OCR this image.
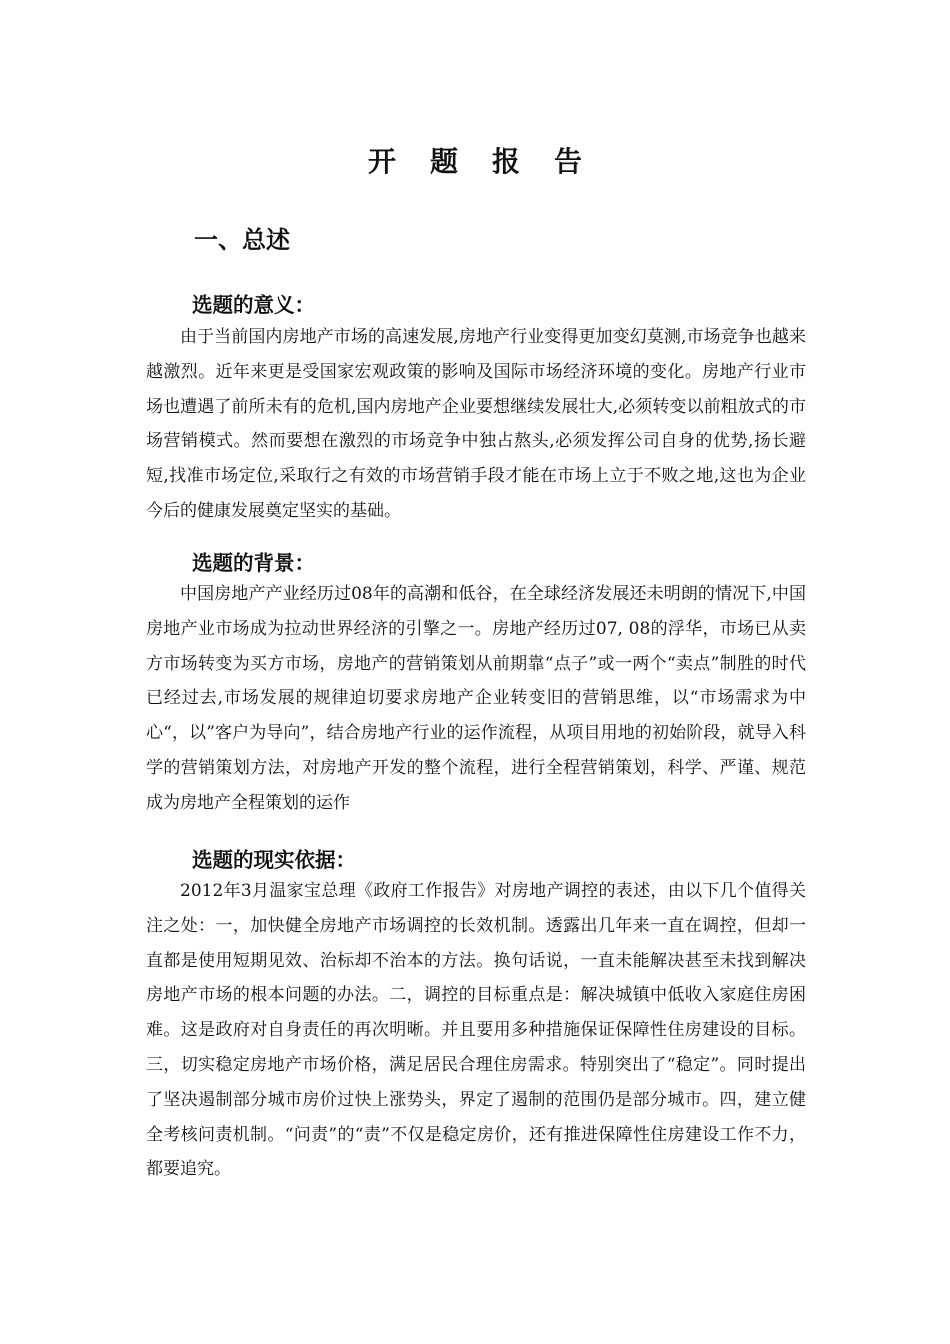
开 题 报 告
一、总述
选题的意义：

由于当前国内房地产市场的高速发展,房地产行业变得更加变幻莫测,市场竞争也越来越激烈。近年来更是受国家宏观政策的影响及国际市场经济环境的变化。房地产行业市场也遭遇了前所未有的危机,国内房地产企业要想继续发展壮大,必须转变以前粗放式的市场营销模式。然而要想在激烈的市场竞争中独占熬头,必须发挥公司自身的优势,扬长避短,找准市场定位,采取行之有效的市场营销手段才能在市场上立于不败之地,这也为企业今后的健康发展奠定坚实的基础。

选题的背景：

中国房地产产业经历过08年的高潮和低谷，在全球经济发展还未明朗的情况下,中国房地产业市场成为拉动世界经济的引擎之一。房地产经历过07, 08的浮华，市场已从卖方市场转变为买方市场，房地产的营销策划从前期靠“点子”或一两个“卖点”制胜的时代已经过去,市场发展的规律迫切要求房地产企业转变旧的营销思维，以“市场需求为中心“，以”客户为导向”，结合房地产行业的运作流程，从项目用地的初始阶段，就导入科学的营销策划方法，对房地产开发的整个流程，进行全程营销策划，科学、严谨、规范成为房地产全程策划的运作

选题的现实依据：

2012年3月温家宝总理《政府工作报告》对房地产调控的表述，由以下几个值得关注之处：一，加快健全房地产市场调控的长效机制。透露出几年来一直在调控，但却一直都是使用短期见效、治标却不治本的方法。换句话说，一直未能解决甚至未找到解决房地产市场的根本问题的办法。二，调控的目标重点是：解决城镇中低收入家庭住房困难。这是政府对自身责任的再次明晰。并且要用多种措施保证保障性住房建设的目标。三，切实稳定房地产市场价格，满足居民合理住房需求。特别突出了“稳定”。同时提出了坚决遏制部分城市房价过快上涨势头，界定了遏制的范围仍是部分城市。四，建立健全考核问责机制。“问责”的“责”不仅是稳定房价，还有推进保障性住房建设工作不力，都要追究。
